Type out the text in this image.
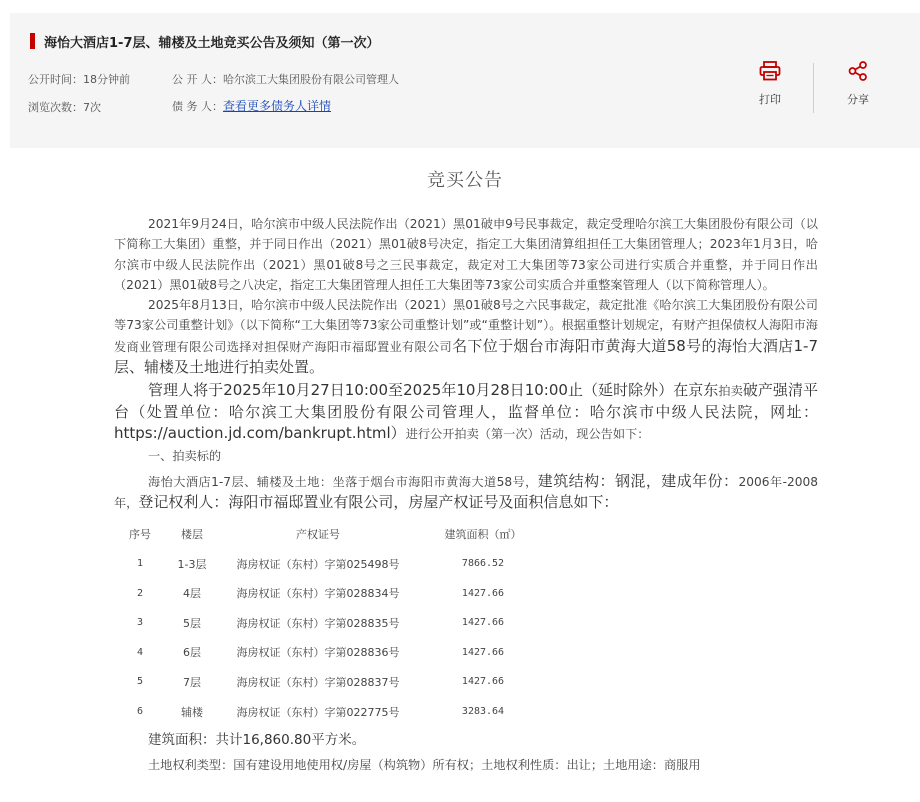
海怡大酒店1-7层、辅楼及土地竞买公告及须知（第一次）
公开时间：18分钟前
浏览次数：7次
公 开 人：哈尔滨工大集团股份有限公司管理人
债 务 人：查看更多债务人详情	打印	分享
竞买公告

2021年9月24日，哈尔滨市中级人民法院作出（2021）黑01破申9号民事裁定，裁定受理哈尔滨工大集团股份有限公司（以下简称工大集团）重整，并于同日作出（2021）黑01破8号决定，指定工大集团清算组担任工大集团管理人；2023年1月3日，哈尔滨市中级人民法院作出（2021）黑01破8号之三民事裁定，裁定对工大集团等73家公司进行实质合并重整，并于同日作出（2021）黑01破8号之八决定，指定工大集团管理人担任工大集团等73家公司实质合并重整案管理人（以下简称管理人）。

2025年8月13日，哈尔滨市中级人民法院作出（2021）黑01破8号之六民事裁定，裁定批准《哈尔滨工大集团股份有限公司等73家公司重整计划》（以下简称“工大集团等73家公司重整计划”或“重整计划”）。根据重整计划规定，有财产担保债权人海阳市海发商业管理有限公司选择对担保财产海阳市福邸置业有限公司名下位于烟台市海阳市黄海大道58号的海怡大酒店1-7层、辅楼及土地进行拍卖处置。

管理人将于2025年10月27日10:00至2025年10月28日10:00止（延时除外）在京东拍卖破产强清平台（处置单位：哈尔滨工大集团股份有限公司管理人，监督单位：哈尔滨市中级人民法院，网址：https://auction.jd.com/bankrupt.html）进行公开拍卖（第一次）活动，现公告如下：

一、拍卖标的

海怡大酒店1-7层、辅楼及土地：坐落于烟台市海阳市黄海大道58号，建筑结构：钢混，建成年份：2006年-2008年，登记权利人：海阳市福邸置业有限公司，房屋产权证号及面积信息如下：

序号	楼层	产权证号	建筑面积（㎡）
1	1-3层	海房权证（东村）字第025498号	7866.52
2	4层	海房权证（东村）字第028834号	1427.66
3	5层	海房权证（东村）字第028835号	1427.66
4	6层	海房权证（东村）字第028836号	1427.66
5	7层	海房权证（东村）字第028837号	1427.66
6	辅楼	海房权证（东村）字第022775号	3283.64

建筑面积：共计16,860.80平方米。

土地权利类型：国有建设用地使用权/房屋（构筑物）所有权；土地权利性质：出让；土地用途：商服用
